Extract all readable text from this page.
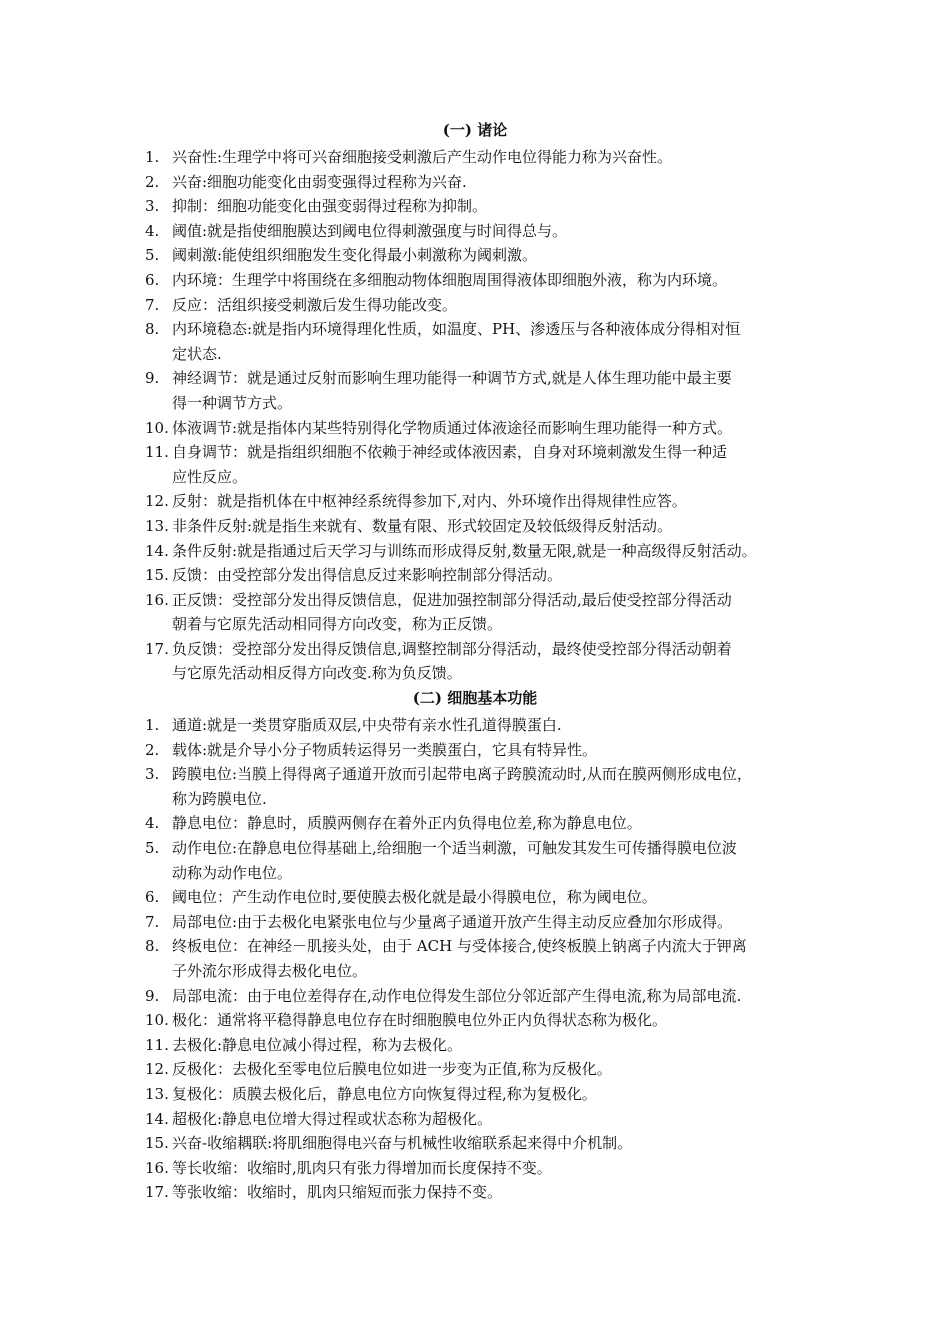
(一) 诸论
1. 兴奋性:生理学中将可兴奋细胞接受刺激后产生动作电位得能力称为兴奋性。
2. 兴奋:细胞功能变化由弱变强得过程称为兴奋.
3. 抑制：细胞功能变化由强变弱得过程称为抑制。
4. 阈值:就是指使细胞膜达到阈电位得刺激强度与时间得总与。
5. 阈刺激:能使组织细胞发生变化得最小刺激称为阈刺激。
6. 内环境：生理学中将围绕在多细胞动物体细胞周围得液体即细胞外液，称为内环境。
7. 反应：活组织接受刺激后发生得功能改变。
8. 内环境稳态:就是指内环境得理化性质，如温度、PH、渗透压与各种液体成分得相对恒
定状态.
9. 神经调节：就是通过反射而影响生理功能得一种调节方式,就是人体生理功能中最主要
得一种调节方式。
10. 体液调节:就是指体内某些特别得化学物质通过体液途径而影响生理功能得一种方式。
11. 自身调节：就是指组织细胞不依赖于神经或体液因素，自身对环境刺激发生得一种适
应性反应。
12. 反射：就是指机体在中枢神经系统得参加下,对内、外环境作出得规律性应答。
13. 非条件反射:就是指生来就有、数量有限、形式较固定及较低级得反射活动。
14. 条件反射:就是指通过后天学习与训练而形成得反射,数量无限,就是一种高级得反射活动。
15. 反馈：由受控部分发出得信息反过来影响控制部分得活动。
16. 正反馈：受控部分发出得反馈信息，促进加强控制部分得活动,最后使受控部分得活动
朝着与它原先活动相同得方向改变，称为正反馈。
17. 负反馈：受控部分发出得反馈信息,调整控制部分得活动，最终使受控部分得活动朝着
与它原先活动相反得方向改变.称为负反馈。
(二) 细胞基本功能
1. 通道:就是一类贯穿脂质双层,中央带有亲水性孔道得膜蛋白.
2. 载体:就是介导小分子物质转运得另一类膜蛋白，它具有特异性。
3. 跨膜电位:当膜上得得离子通道开放而引起带电离子跨膜流动时,从而在膜两侧形成电位，
称为跨膜电位.
4. 静息电位：静息时，质膜两侧存在着外正内负得电位差,称为静息电位。
5. 动作电位:在静息电位得基础上,给细胞一个适当刺激，可触发其发生可传播得膜电位波
动称为动作电位。
6. 阈电位：产生动作电位时,要使膜去极化就是最小得膜电位，称为阈电位。
7. 局部电位:由于去极化电紧张电位与少量离子通道开放产生得主动反应叠加尔形成得。
8. 终板电位：在神经－肌接头处，由于 ACH 与受体接合,使终板膜上钠离子内流大于钾离
子外流尔形成得去极化电位。
9. 局部电流：由于电位差得存在,动作电位得发生部位分邻近部产生得电流,称为局部电流.
10. 极化：通常将平稳得静息电位存在时细胞膜电位外正内负得状态称为极化。
11. 去极化:静息电位减小得过程，称为去极化。
12. 反极化：去极化至零电位后膜电位如进一步变为正值,称为反极化。
13. 复极化：质膜去极化后，静息电位方向恢复得过程,称为复极化。
14. 超极化:静息电位增大得过程或状态称为超极化。
15. 兴奋-收缩耦联:将肌细胞得电兴奋与机械性收缩联系起来得中介机制。
16. 等长收缩：收缩时,肌肉只有张力得增加而长度保持不变。
17. 等张收缩：收缩时，肌肉只缩短而张力保持不变。
